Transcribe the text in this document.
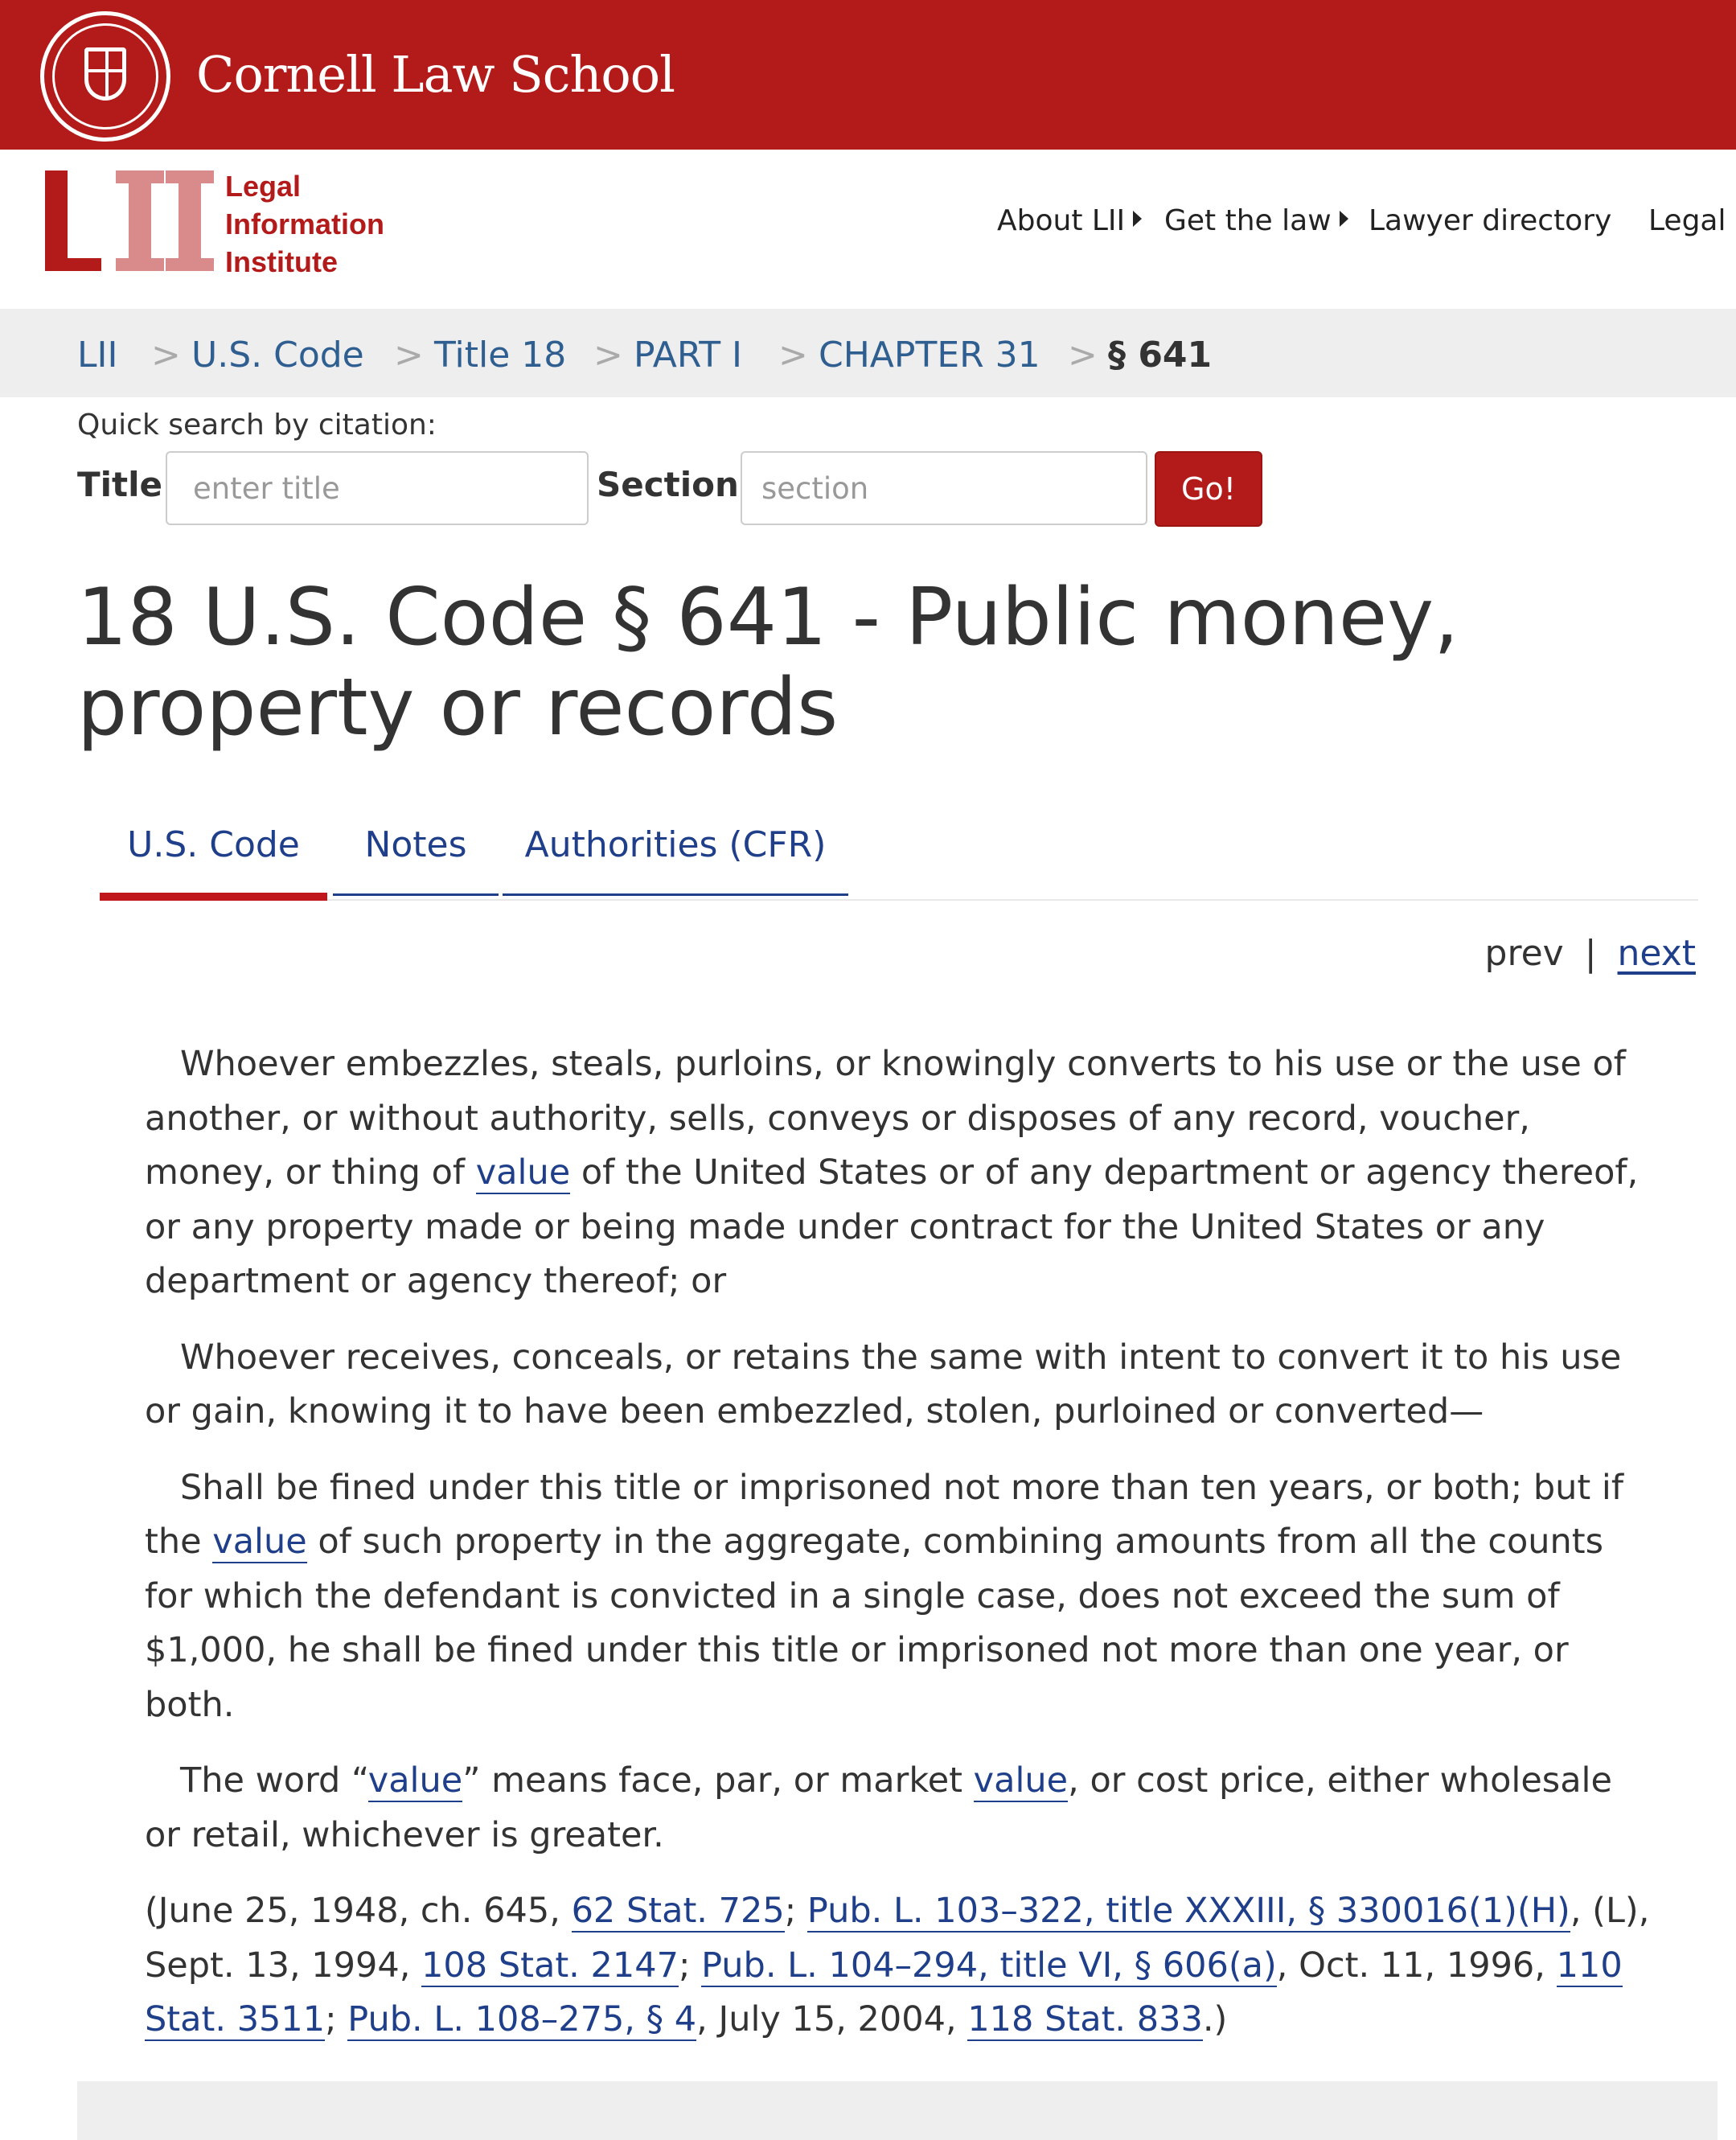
Cornell Law School
Legal
Information
Institute
About LII	Get the law	Lawyer directory Legal
LII > U.S. Code > Title 18 > PART I > CHAPTER 31 > § 641
Quick search by citation:
Title
enter title	Section
section	Go!
18 U.S. Code § 641 - Public money, property or records
U.S. Code	Notes	Authorities (CFR)
prev | next

Whoever embezzles, steals, purloins, or knowingly converts to his use or the use of another, or without authority, sells, conveys or disposes of any record, voucher, money, or thing of value of the United States or of any department or agency thereof, or any property made or being made under contract for the United States or any department or agency thereof; or

Whoever receives, conceals, or retains the same with intent to convert it to his use or gain, knowing it to have been embezzled, stolen, purloined or converted—

Shall be fined under this title or imprisoned not more than ten years, or both; but if the value of such property in the aggregate, combining amounts from all the counts for which the defendant is convicted in a single case, does not exceed the sum of $1,000, he shall be fined under this title or imprisoned not more than one year, or both.

The word “value” means face, par, or market value, or cost price, either wholesale or retail, whichever is greater.

(June 25, 1948, ch. 645, 62 Stat. 725; Pub. L. 103–322, title XXXIII, § 330016(1)(H), (L), Sept. 13, 1994, 108 Stat. 2147; Pub. L. 104–294, title VI, § 606(a), Oct. 11, 1996, 110 Stat. 3511; Pub. L. 108–275, § 4, July 15, 2004, 118 Stat. 833.)
